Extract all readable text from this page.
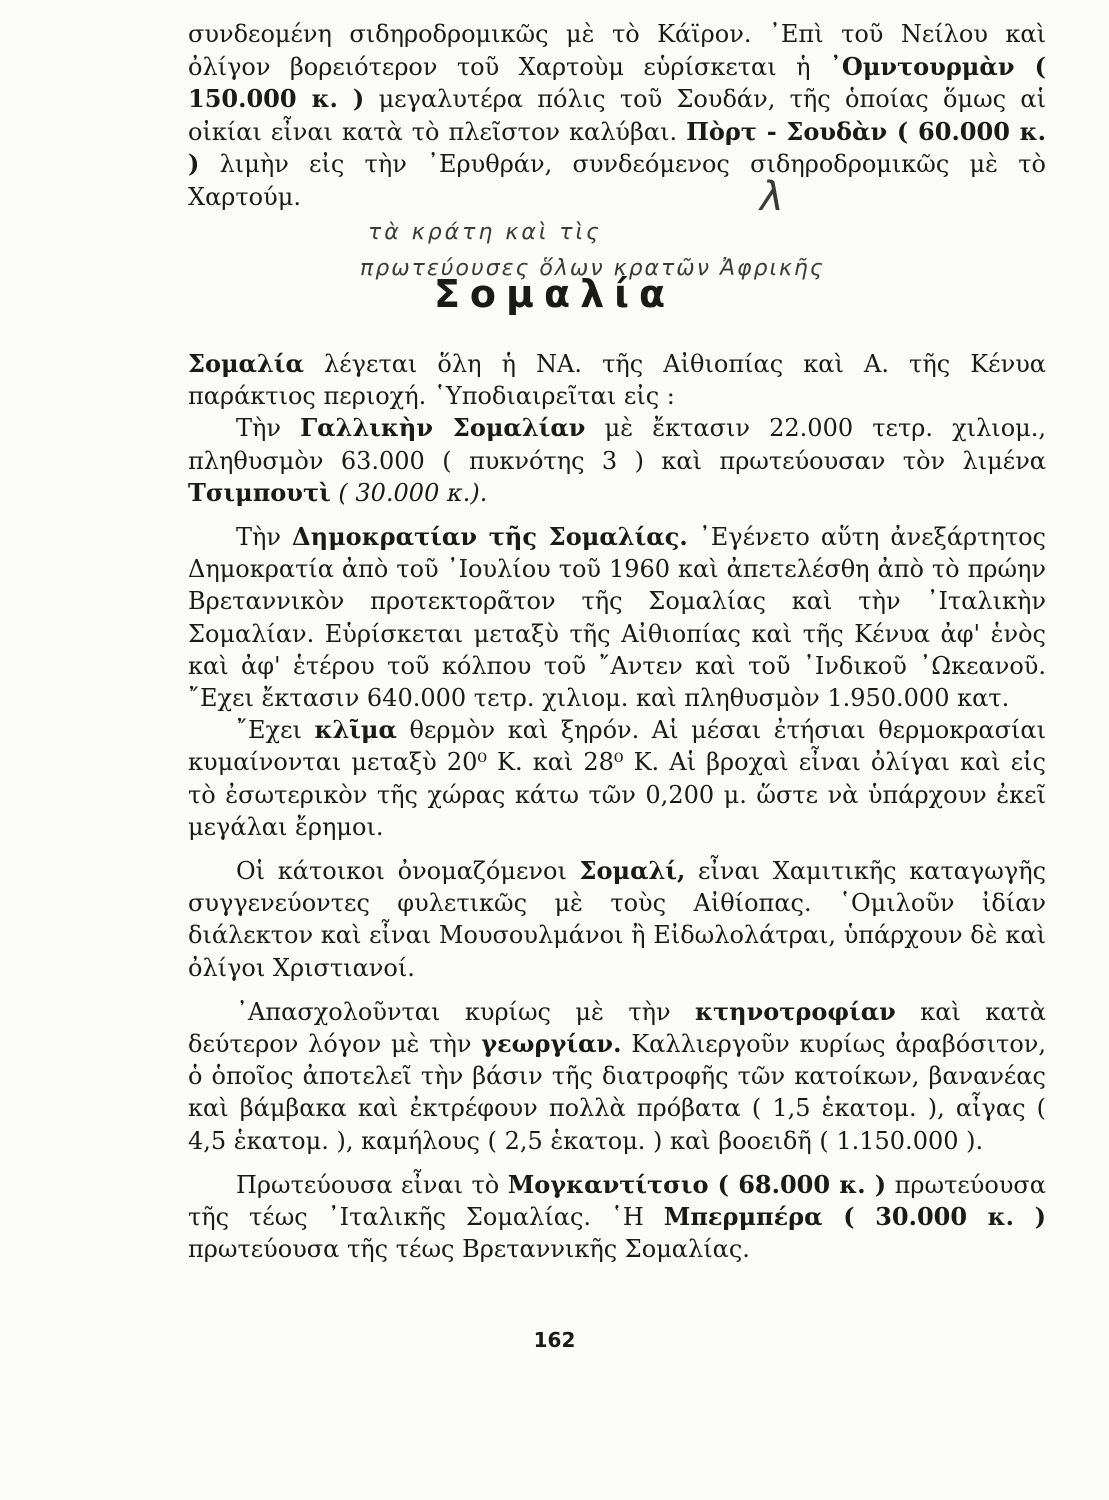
συνδεομένη σιδηροδρομικῶς μὲ τὸ Κάϊρον. ᾿Επὶ τοῦ Νείλου καὶ ὀλίγον βορειότερον τοῦ Χαρτοὺμ εὑρίσκεται ἡ ᾿Ομντουρμὰν ( 150.000 κ. ) μεγαλυτέρα πόλις τοῦ Σουδάν, τῆς ὁποίας ὅμως αἱ οἰκίαι εἶναι κατὰ τὸ πλεῖστον καλύβαι. Πὸρτ - Σουδὰν ( 60.000 κ. ) λιμὴν εἰς τὴν ᾿Ερυθράν, συνδεόμενος σιδηροδρομικῶς μὲ τὸ Χαρτούμ.	λ
τὰ κράτη καὶ τὶς
πρωτεύουσες ὅλων κρατῶν Ἀφρικῆς
Σομαλία

Σομαλία λέγεται ὅλη ἡ ΝΑ. τῆς Αἰθιοπίας καὶ Α. τῆς Κένυα παράκτιος περιοχή. ῾Υποδιαιρεῖται εἰς :

Τὴν Γαλλικὴν Σομαλίαν μὲ ἔκτασιν 22.000 τετρ. χιλιομ., πληθυσμὸν 63.000 ( πυκνότης 3 ) καὶ πρωτεύουσαν τὸν λιμένα Τσιμπουτὶ ( 30.000 κ.).

Τὴν Δημοκρατίαν τῆς Σομαλίας. ᾿Εγένετο αὕτη ἀνεξάρτητος Δημοκρατία ἀπὸ τοῦ ᾿Ιουλίου τοῦ 1960 καὶ ἀπετελέσθη ἀπὸ τὸ πρώην Βρεταννικὸν προτεκτορᾶτον τῆς Σομαλίας καὶ τὴν ᾿Ιταλικὴν Σομαλίαν. Εὑρίσκεται μεταξὺ τῆς Αἰθιοπίας καὶ τῆς Κένυα ἀφ' ἑνὸς καὶ ἀφ' ἑτέρου τοῦ κόλπου τοῦ ῎Αντεν καὶ τοῦ ᾿Ινδικοῦ ᾿Ωκεανοῦ. ῎Εχει ἔκτασιν 640.000 τετρ. χιλιομ. καὶ πληθυσμὸν 1.950.000 κατ.

῎Εχει κλῖμα θερμὸν καὶ ξηρόν. Αἱ μέσαι ἐτήσιαι θερμοκρασίαι κυμαίνονται μεταξὺ 20⁰ Κ. καὶ 28⁰ Κ. Αἱ βροχαὶ εἶναι ὀλίγαι καὶ εἰς τὸ ἐσωτερικὸν τῆς χώρας κάτω τῶν 0,200 μ. ὥστε νὰ ὑπάρχουν ἐκεῖ μεγάλαι ἔρημοι.

Οἱ κάτοικοι ὀνομαζόμενοι Σομαλί, εἶναι Χαμιτικῆς καταγωγῆς συγγενεύοντες φυλετικῶς μὲ τοὺς Αἰθίοπας. ῾Ομιλοῦν ἰδίαν διάλεκτον καὶ εἶναι Μουσουλμάνοι ἢ Εἰδωλολάτραι, ὑπάρχουν δὲ καὶ ὀλίγοι Χριστιανοί.

᾿Απασχολοῦνται κυρίως μὲ τὴν κτηνοτροφίαν καὶ κατὰ δεύτερον λόγον μὲ τὴν γεωργίαν. Καλλιεργοῦν κυρίως ἀραβόσιτον, ὁ ὁποῖος ἀποτελεῖ τὴν βάσιν τῆς διατροφῆς τῶν κατοίκων, βανανέας καὶ βάμβακα καὶ ἐκτρέφουν πολλὰ πρόβατα ( 1,5 ἑκατομ. ), αἶγας ( 4,5 ἑκατομ. ), καμήλους ( 2,5 ἑκατομ. ) καὶ βοοειδῆ ( 1.150.000 ).

Πρωτεύουσα εἶναι τὸ Μογκαντίτσιο ( 68.000 κ. ) πρωτεύουσα τῆς τέως ᾿Ιταλικῆς Σομαλίας. ῾Η Μπερμπέρα ( 30.000 κ. ) πρωτεύουσα τῆς τέως Βρεταννικῆς Σομαλίας.

162
